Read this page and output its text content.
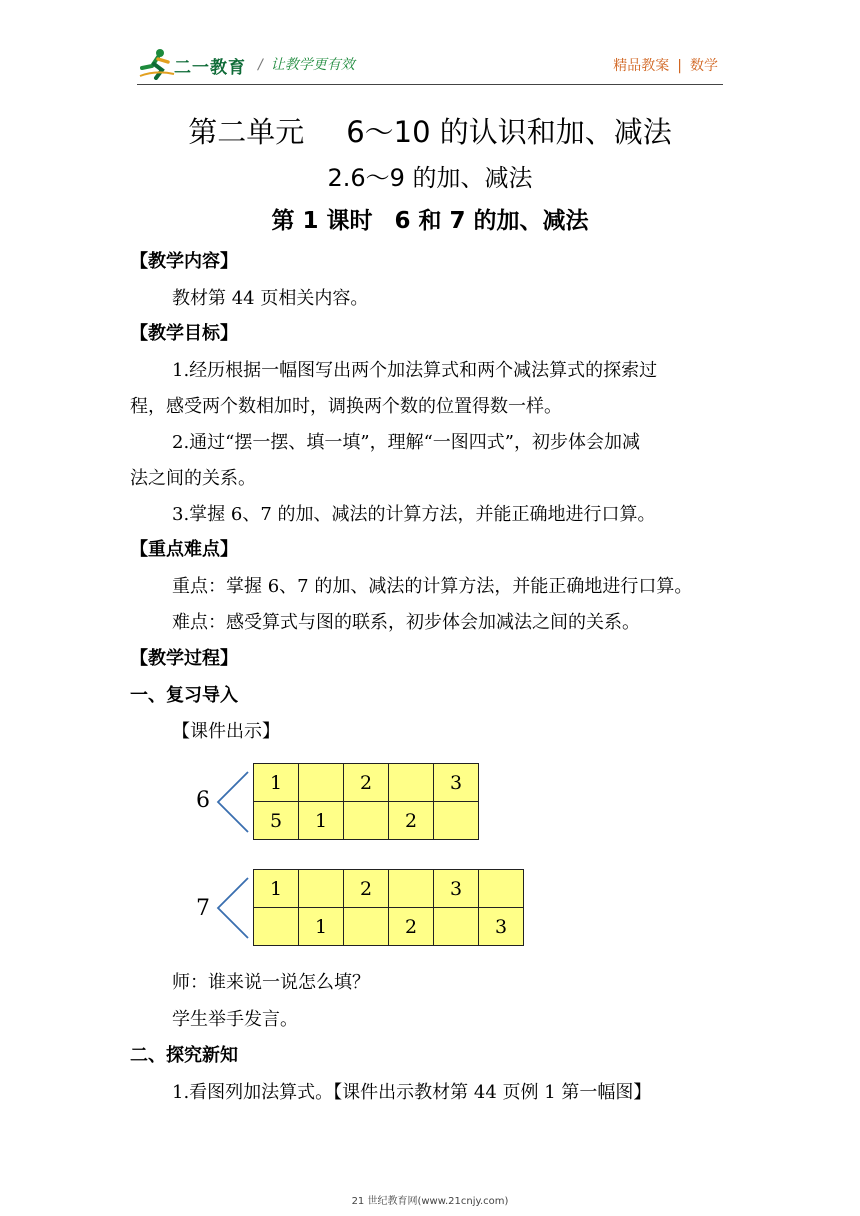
二一教育 / 让教学更有效	精品教案 | 数学
第二单元 6～10 的认识和加、减法
2.6～9 的加、减法
第 1 课时 6 和 7 的加、减法
【教学内容】
教材第 44 页相关内容。
【教学目标】
1.经历根据一幅图写出两个加法算式和两个减法算式的探索过
程，感受两个数相加时，调换两个数的位置得数一样。
2.通过“摆一摆、填一填”，理解“一图四式”，初步体会加减
法之间的关系。
3.掌握 6、7 的加、减法的计算方法，并能正确地进行口算。
【重点难点】
重点：掌握 6、7 的加、减法的计算方法，并能正确地进行口算。
难点：感受算式与图的联系，初步体会加减法之间的关系。
【教学过程】
一、复习导入
【课件出示】
6
1		2		3
5	1		2	
7
1		2		3	
	1		2		3
师：谁来说一说怎么填？
学生举手发言。
二、探究新知
1.看图列加法算式。【课件出示教材第 44 页例 1 第一幅图】
21 世纪教育网(www.21cnjy.com)
